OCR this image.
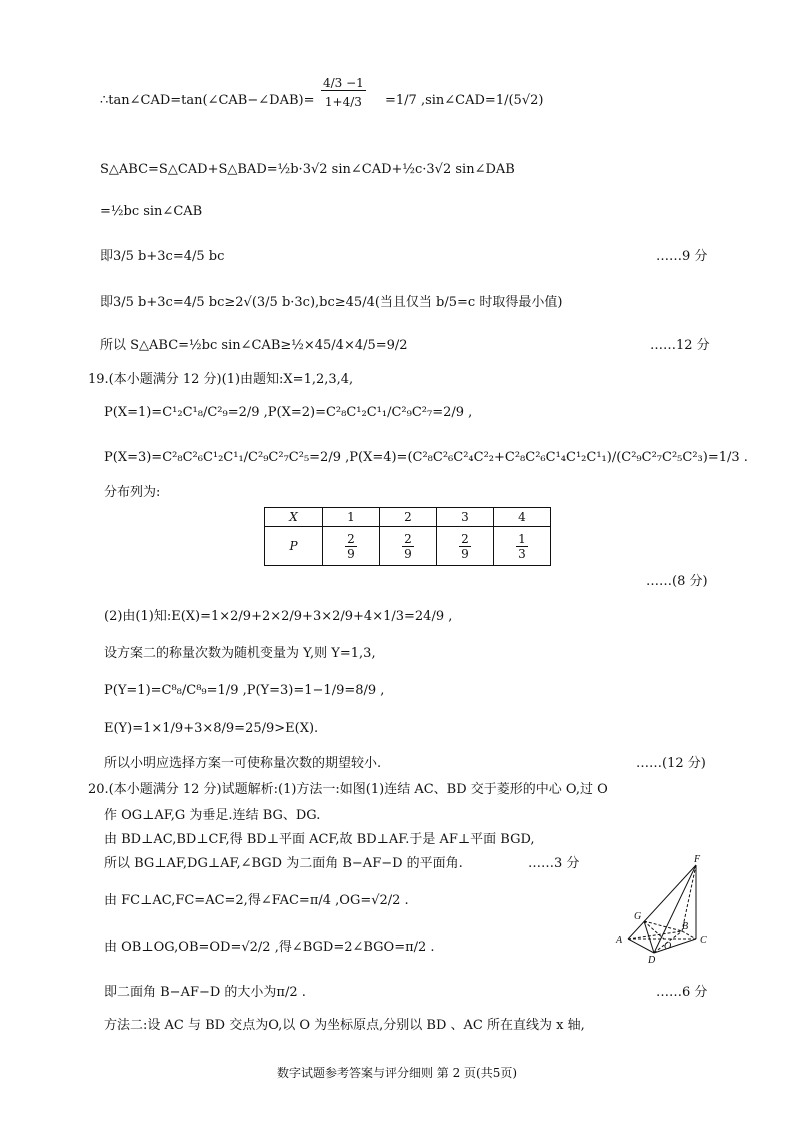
∴tan∠CAD=tan(∠CAB−∠DAB)= $\frac{4/3 -1}{1+4/3} =1/7$ ,sin∠CAD=1/(5√2)
S△ABC=S△CAD+S△BAD=½b·3√2 sin∠CAD+½c·3√2 sin∠DAB
=½bc sin∠CAB
即3/5 b+3c=4/5 bc	……9 分
即3/5 b+3c=4/5 bc≥2√(3/5 b·3c),bc≥45/4(当且仅当 b/5=c 时取得最小值)
所以 S△ABC=½bc sin∠CAB≥½×45/4×4/5=9/2	……12 分
19.(本小题满分 12 分)(1)由题知:X=1,2,3,4,
P(X=1)=C¹₂C¹₈/C²₉=2/9 ,P(X=2)=C²₈C¹₂C¹₁/C²₉C²₇=2/9 ,
P(X=3)=C²₈C²₆C¹₂C¹₁/C²₉C²₇C²₅=2/9 ,P(X=4)=(C²₈C²₆C²₄C²₂+C²₈C²₆C¹₄C¹₂C¹₁)/(C²₉C²₇C²₅C²₃)=1/3 .
分布列为:
X	1	2	3	4
P	$\frac{2}{9}$	$\frac{2}{9}$	$\frac{2}{9}$	$\frac{1}{3}$
……(8 分)
(2)由(1)知:E(X)=1×2/9+2×2/9+3×2/9+4×1/3=24/9 ,
设方案二的称量次数为随机变量为 Y,则 Y=1,3,
P(Y=1)=C⁸₈/C⁸₉=1/9 ,P(Y=3)=1−1/9=8/9 ,
E(Y)=1×1/9+3×8/9=25/9>E(X).
所以小明应选择方案一可使称量次数的期望较小.	……(12 分)
20.(本小题满分 12 分)试题解析:(1)方法一:如图(1)连结 AC、BD 交于菱形的中心 O,过 O
作 OG⊥AF,G 为垂足.连结 BG、DG.
由 BD⊥AC,BD⊥CF,得 BD⊥平面 ACF,故 BD⊥AF.于是 AF⊥平面 BGD,
所以 BG⊥AF,DG⊥AF,∠BGD 为二面角 B−AF−D 的平面角.	……3 分
由 FC⊥AC,FC=AC=2,得∠FAC=π/4 ,OG=√2/2 .
由 OB⊥OG,OB=OD=√2/2 ,得∠BGD=2∠BGO=π/2 .
即二面角 B−AF−D 的大小为π/2 .	……6 分
方法二:设 AC 与 BD 交点为O,以 O 为坐标原点,分别以 BD 、AC 所在直线为 x 轴,
F
G
A
B
C
D
O
数字试题参考答案与评分细则 第 2 页(共5页)
